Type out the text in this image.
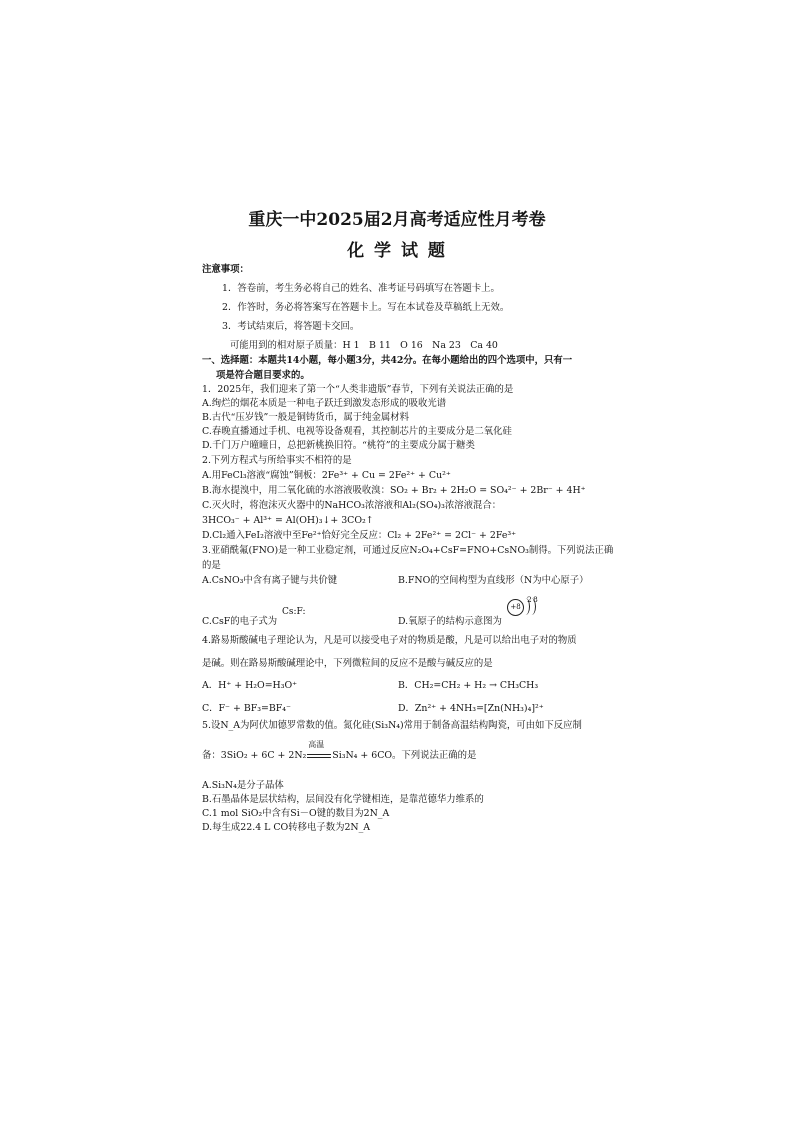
重庆一中2025届2月高考适应性月考卷
化 学 试 题
注意事项：
1．答卷前，考生务必将自己的姓名、准考证号码填写在答题卡上。
2．作答时，务必将答案写在答题卡上。写在本试卷及草稿纸上无效。
3．考试结束后，将答题卡交回。
可能用到的相对原子质量：H 1　B 11　O 16　Na 23　Ca 40
一、选择题：本题共14小题，每小题3分，共42分。在每小题给出的四个选项中，只有一
项是符合题目要求的。
1．2025年，我们迎来了第一个“人类非遗版”春节，下列有关说法正确的是
A.绚烂的烟花本质是一种电子跃迁到激发态形成的吸收光谱
B.古代“压岁钱”一般是铜铸货币，属于纯金属材料
C.春晚直播通过手机、电视等设备观看，其控制芯片的主要成分是二氧化硅
D.千门万户曈曈日，总把新桃换旧符。“桃符”的主要成分属于糖类
2.下列方程式与所给事实不相符的是
A.用FeCl₃溶液“腐蚀”铜板：2Fe³⁺ + Cu = 2Fe²⁺ + Cu²⁺
B.海水提溴中，用二氧化硫的水溶液吸收溴：SO₂ + Br₂ + 2H₂O = SO₄²⁻ + 2Br⁻ + 4H⁺
C.灭火时，将泡沫灭火器中的NaHCO₃浓溶液和Al₂(SO₄)₃浓溶液混合：
3HCO₃⁻ + Al³⁺ = Al(OH)₃↓+ 3CO₂↑
D.Cl₂通入FeI₂溶液中至Fe²⁺恰好完全反应：Cl₂ + 2Fe²⁺ = 2Cl⁻ + 2Fe³⁺
3.亚硝酰氟(FNO)是一种工业稳定剂，可通过反应N₂O₄+CsF=FNO+CsNO₃制得。下列说法正确
的是
A.CsNO₃中含有离子键与共价键	B.FNO的空间构型为直线形（N为中心原子）
Cs:F:
C.CsF的电子式为	D.氧原子的结构示意图为
+8
2 8
4.路易斯酸碱电子理论认为，凡是可以接受电子对的物质是酸，凡是可以给出电子对的物质
是碱。则在路易斯酸碱理论中，下列微粒间的反应不是酸与碱反应的是
A．H⁺ + H₂O=H₃O⁺	B．CH₂=CH₂ + H₂ → CH₃CH₃
C．F⁻ + BF₃=BF₄⁻	D．Zn²⁺ + 4NH₃=[Zn(NH₃)₄]²⁺
5.设N_A为阿伏加德罗常数的值。氮化硅(Si₃N₄)常用于制备高温结构陶瓷，可由如下反应制
备：3SiO₂ + 6C + 2N₂
高温
Si₃N₄ + 6CO。下列说法正确的是
A.Si₃N₄是分子晶体
B.石墨晶体是层状结构，层间没有化学键相连，是靠范德华力维系的
C.1 mol SiO₂中含有Si－O键的数目为2N_A
D.每生成22.4 L CO转移电子数为2N_A
